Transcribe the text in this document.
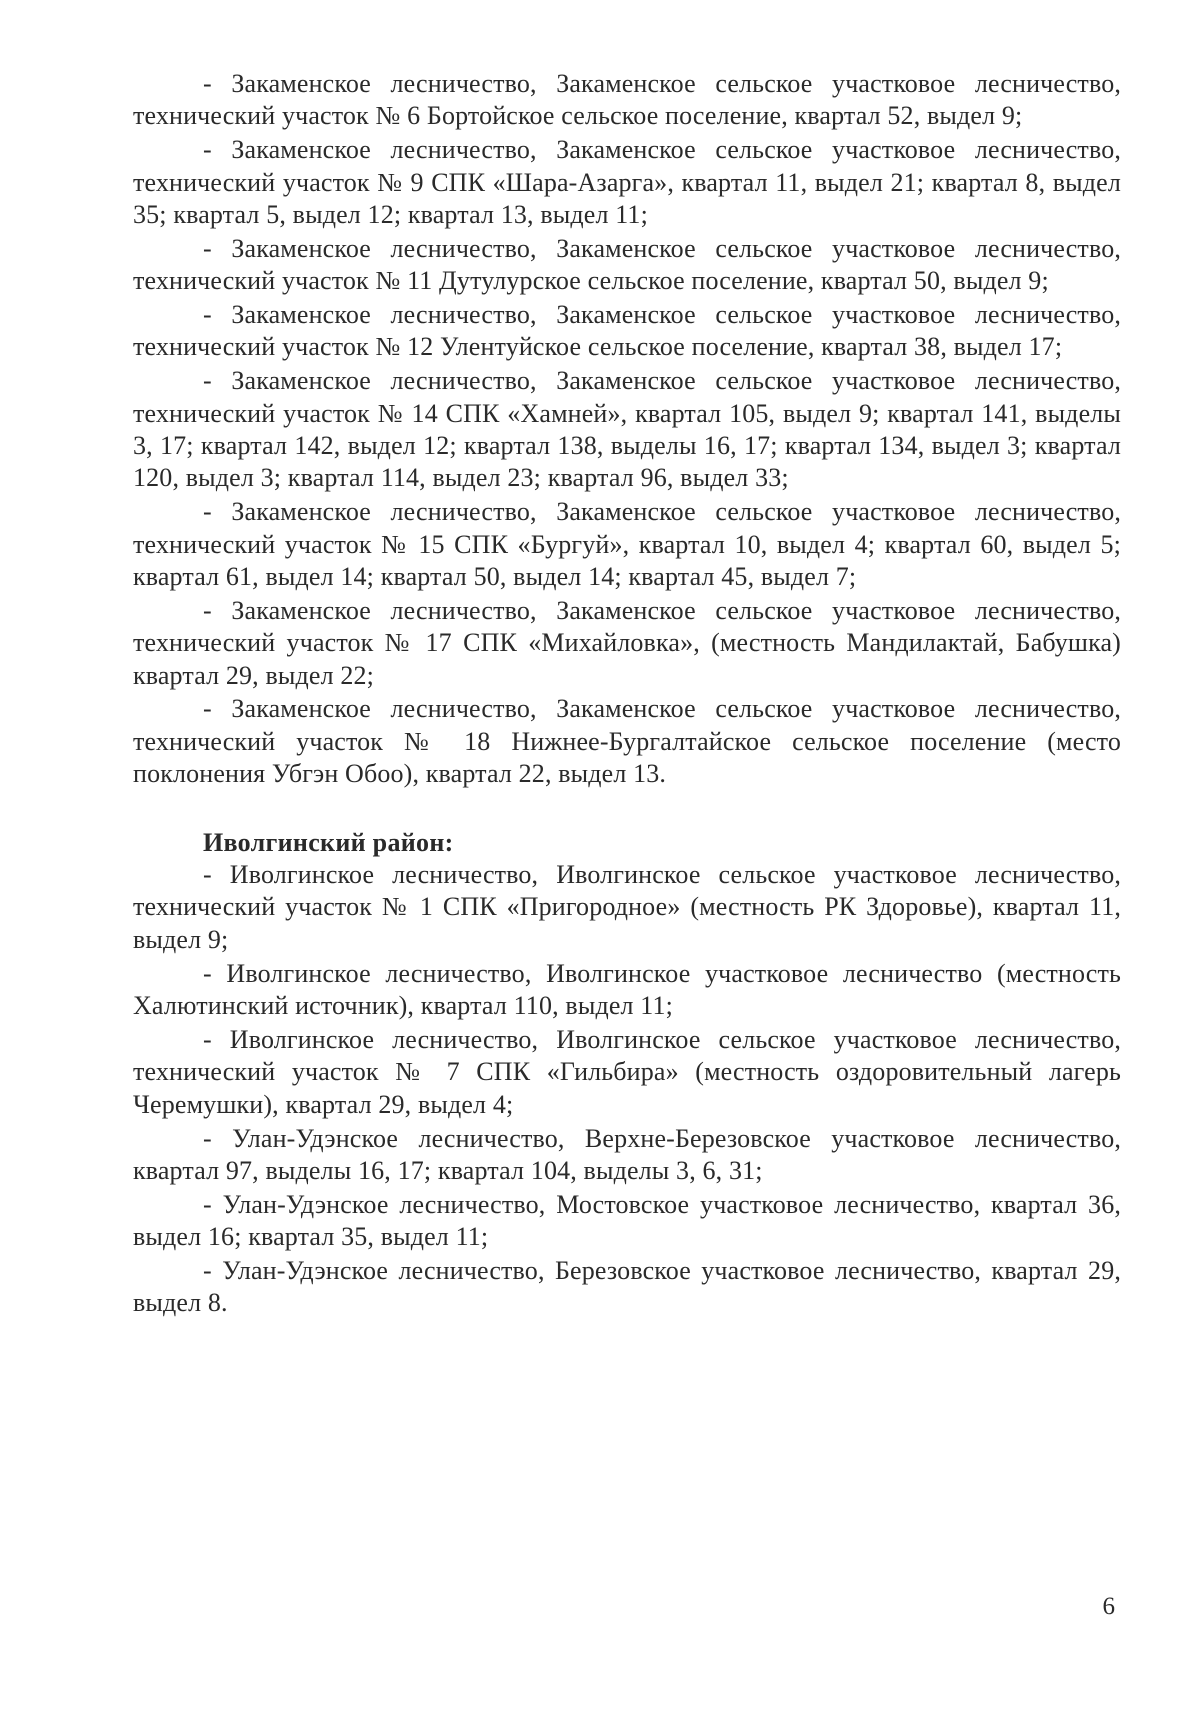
- Закаменское лесничество, Закаменское сельское участковое лесничество, технический участок № 6 Бортойское сельское поселение, квартал 52, выдел 9;

- Закаменское лесничество, Закаменское сельское участковое лесничество, технический участок № 9 СПК «Шара-Азарга», квартал 11, выдел 21; квартал 8, выдел 35; квартал 5, выдел 12; квартал 13, выдел 11;

- Закаменское лесничество, Закаменское сельское участковое лесничество, технический участок № 11 Дутулурское сельское поселение, квартал 50, выдел 9;

- Закаменское лесничество, Закаменское сельское участковое лесничество, технический участок № 12 Улентуйское сельское поселение, квартал 38, выдел 17;

- Закаменское лесничество, Закаменское сельское участковое лесничество, технический участок № 14 СПК «Хамней», квартал 105, выдел 9; квартал 141, выделы 3, 17; квартал 142, выдел 12; квартал 138, выделы 16, 17; квартал 134, выдел 3; квартал 120, выдел 3; квартал 114, выдел 23; квартал 96, выдел 33;

- Закаменское лесничество, Закаменское сельское участковое лесничество, технический участок № 15 СПК «Бургуй», квартал 10, выдел 4; квартал 60, выдел 5; квартал 61, выдел 14; квартал 50, выдел 14; квартал 45, выдел 7;

- Закаменское лесничество, Закаменское сельское участковое лесничество, технический участок № 17 СПК «Михайловка», (местность Мандилактай, Бабушка) квартал 29, выдел 22;

- Закаменское лесничество, Закаменское сельское участковое лесничество, технический участок № 18 Нижнее-Бургалтайское сельское поселение (место поклонения Убгэн Обоо), квартал 22, выдел 13.

Иволгинский район:

- Иволгинское лесничество, Иволгинское сельское участковое лесничество, технический участок № 1 СПК «Пригородное» (местность РК Здоровье), квартал 11, выдел 9;

- Иволгинское лесничество, Иволгинское участковое лесничество (местность Халютинский источник), квартал 110, выдел 11;

- Иволгинское лесничество, Иволгинское сельское участковое лесничество, технический участок № 7 СПК «Гильбира» (местность оздоровительный лагерь Черемушки), квартал 29, выдел 4;

- Улан-Удэнское лесничество, Верхне-Березовское участковое лесничество, квартал 97, выделы 16, 17; квартал 104, выделы 3, 6, 31;

- Улан-Удэнское лесничество, Мостовское участковое лесничество, квартал 36, выдел 16; квартал 35, выдел 11;

- Улан-Удэнское лесничество, Березовское участковое лесничество, квартал 29, выдел 8.

6
